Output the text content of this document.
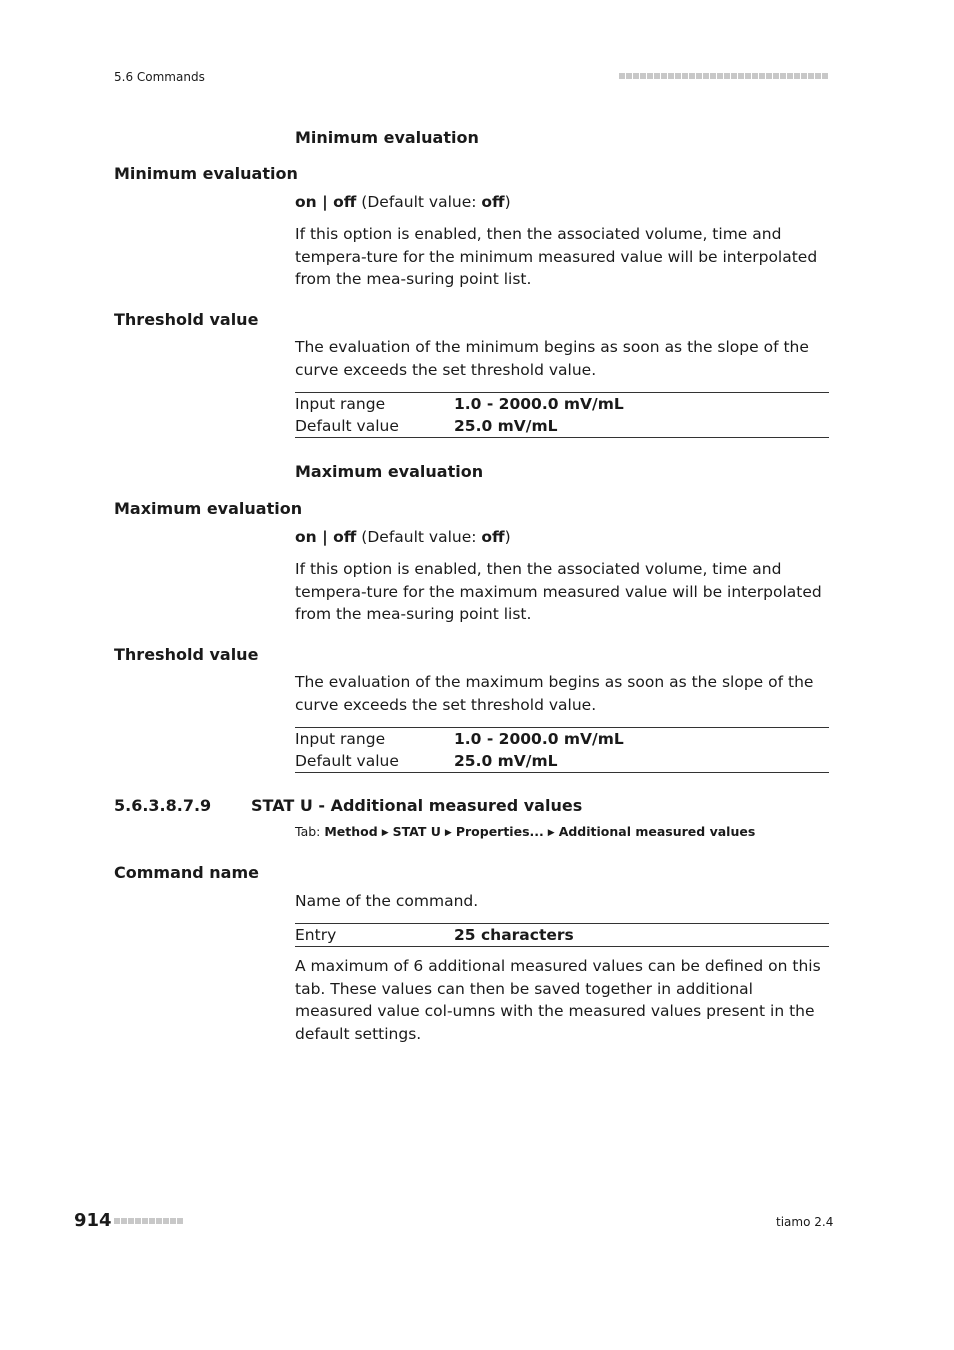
5.6 Commands
Minimum evaluation
Minimum evaluation
on | off (Default value: off)
If this option is enabled, then the associated volume, time and tempera-ture for the minimum measured value will be interpolated from the mea-suring point list.
Threshold value
The evaluation of the minimum begins as soon as the slope of the curve exceeds the set threshold value.
Input range	1.0 - 2000.0 mV/mL
Default value	25.0 mV/mL
Maximum evaluation
Maximum evaluation
on | off (Default value: off)
If this option is enabled, then the associated volume, time and tempera-ture for the maximum measured value will be interpolated from the mea-suring point list.
Threshold value
The evaluation of the maximum begins as soon as the slope of the curve exceeds the set threshold value.
Input range	1.0 - 2000.0 mV/mL
Default value	25.0 mV/mL
5.6.3.8.7.9 STAT U - Additional measured values
Tab: Method ▶ STAT U ▶ Properties... ▶ Additional measured values
Command name
Name of the command.
Entry	25 characters
A maximum of 6 additional measured values can be defined on this tab. These values can then be saved together in additional measured value col-umns with the measured values present in the default settings.
914	tiamo 2.4
